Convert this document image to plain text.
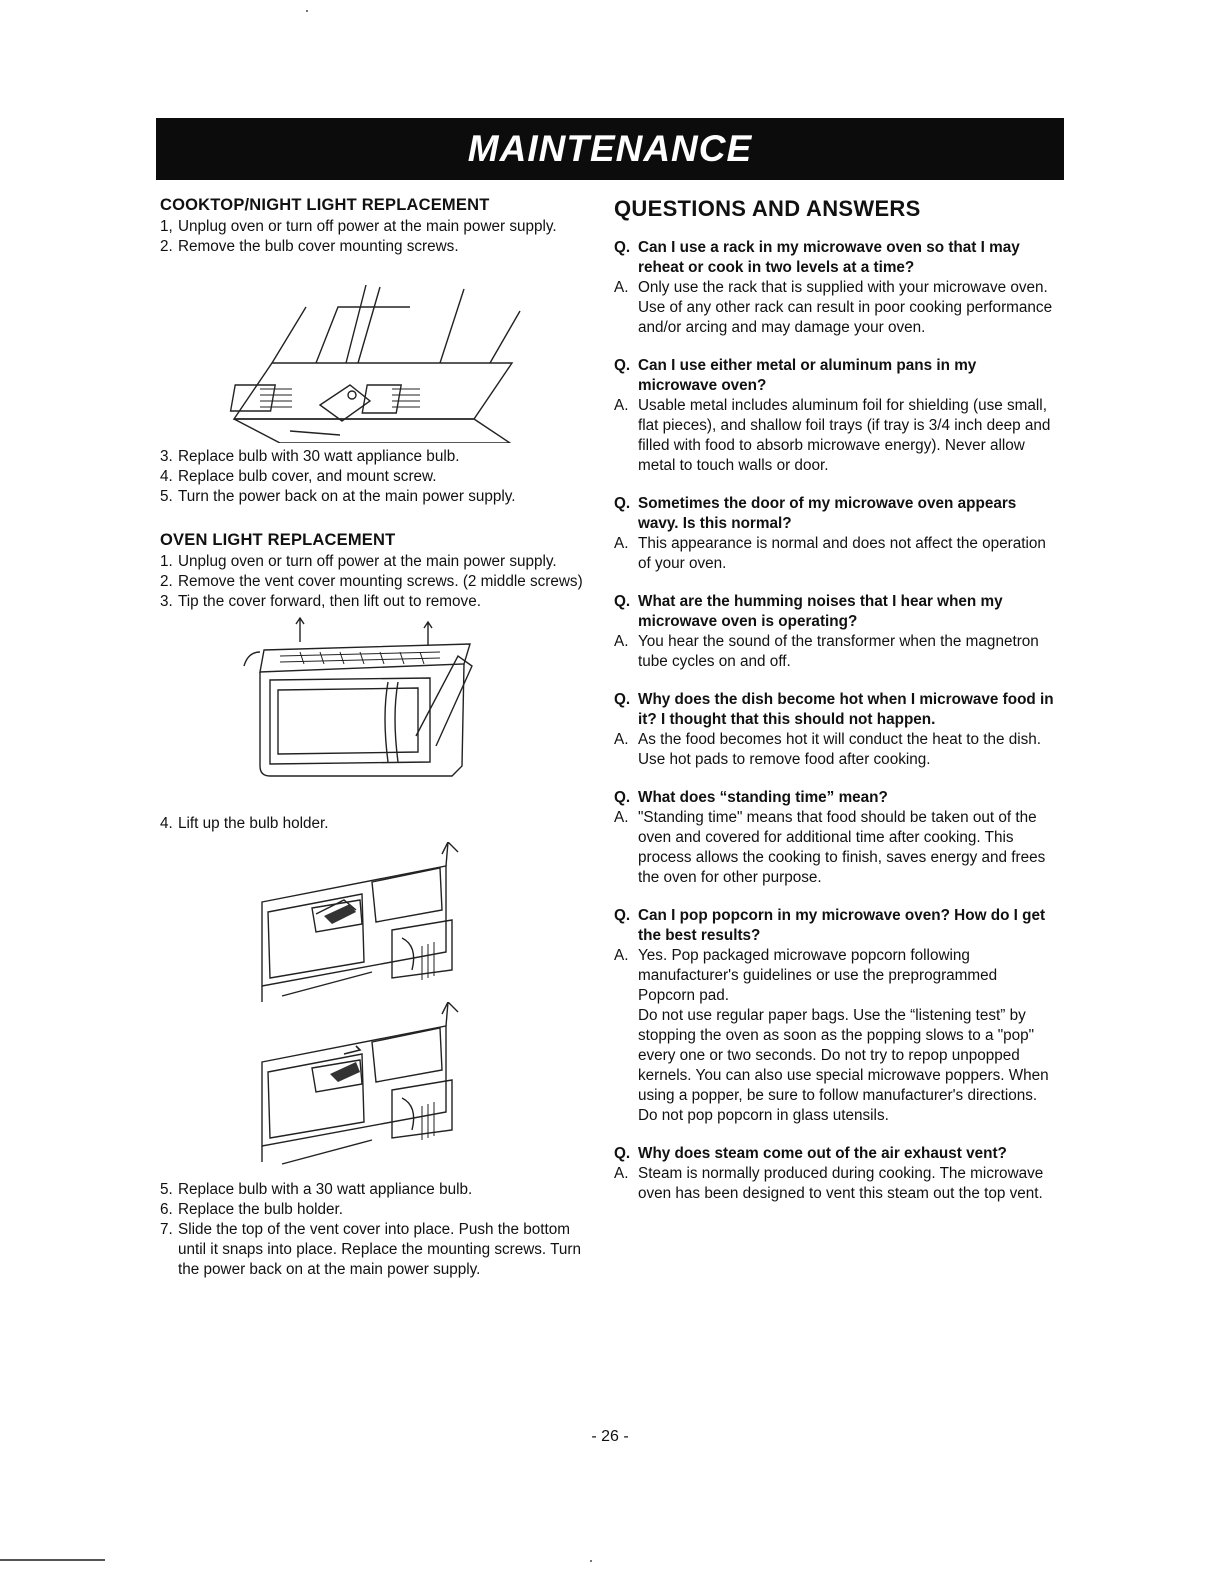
MAINTENANCE
COOKTOP/NIGHT LIGHT REPLACEMENT
1, Unplug oven or turn off power at the main power supply.
2. Remove the bulb cover mounting screws.
3. Replace bulb with 30 watt appliance bulb.
4. Replace bulb cover, and mount screw.
5. Turn the power back on at the main power supply.
OVEN LIGHT REPLACEMENT
1. Unplug oven or turn off power at the main power supply.
2. Remove the vent cover mounting screws. (2 middle screws)
3. Tip the cover forward, then lift out to remove.
4. Lift up the bulb holder.
5. Replace bulb with a 30 watt appliance bulb.
6. Replace the bulb holder.
7. Slide the top of the vent cover into place. Push the bottom until it snaps into place. Replace the mounting screws. Turn the power back on at the main power supply.
QUESTIONS AND ANSWERS
Q. Can I use a rack in my microwave oven so that I may reheat or cook in two levels at a time?
A. Only use the rack that is supplied with your microwave oven. Use of any other rack can result in poor cooking performance and/or arcing and may damage your oven.
Q. Can I use either metal or aluminum pans in my microwave oven?
A. Usable metal includes aluminum foil for shielding (use small, flat pieces), and shallow foil trays (if tray is 3/4 inch deep and filled with food to absorb microwave energy). Never allow metal to touch walls or door.
Q. Sometimes the door of my microwave oven appears wavy. Is this normal?
A. This appearance is normal and does not affect the operation of your oven.
Q. What are the humming noises that I hear when my microwave oven is operating?
A. You hear the sound of the transformer when the magnetron tube cycles on and off.
Q. Why does the dish become hot when I microwave food in it? I thought that this should not happen.
A. As the food becomes hot it will conduct the heat to the dish. Use hot pads to remove food after cooking.
Q. What does “standing time” mean?
A. "Standing time" means that food should be taken out of the oven and covered for additional time after cooking. This process allows the cooking to finish, saves energy and frees the oven for other purpose.
Q. Can I pop popcorn in my microwave oven? How do I get the best results?
A. Yes. Pop packaged microwave popcorn following manufacturer's guidelines or use the preprogrammed Popcorn pad.
Do not use regular paper bags. Use the “listening test” by stopping the oven as soon as the popping slows to a "pop" every one or two seconds. Do not try to repop unpopped kernels. You can also use special microwave poppers. When using a popper, be sure to follow manufacturer's directions. Do not pop popcorn in glass utensils.
Q. Why does steam come out of the air exhaust vent?
A. Steam is normally produced during cooking. The microwave oven has been designed to vent this steam out the top vent.
- 26 -
